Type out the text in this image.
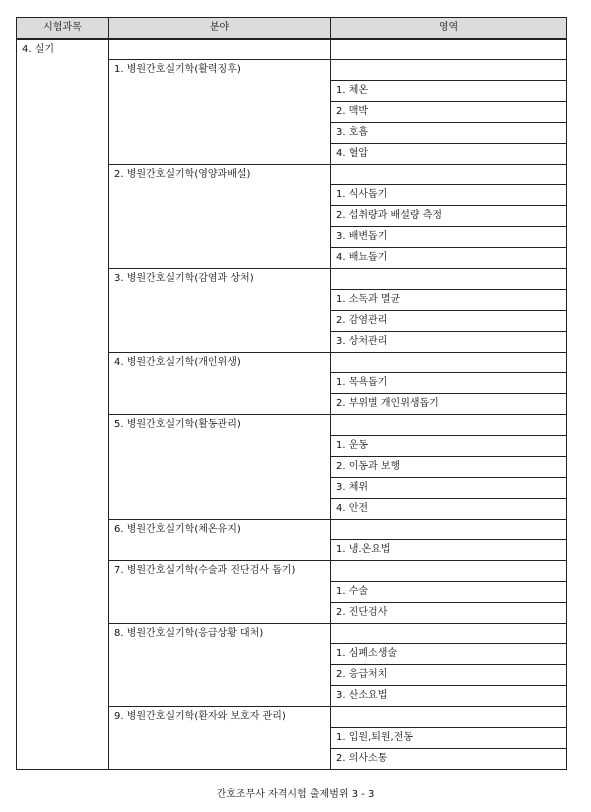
시험과목	분야	영역
4. 실기		
	1. 병원간호실기학(활력징후)	
		1. 체온
		2. 맥박
		3. 호흡
		4. 혈압
	2. 병원간호실기학(영양과배설)	
		1. 식사돕기
		2. 섭취량과 배설량 측정
		3. 배변돕기
		4. 배뇨돕기
	3. 병원간호실기학(감염과 상처)	
		1. 소독과 멸균
		2. 감염관리
		3. 상처관리
	4. 병원간호실기학(개인위생)	
		1. 목욕돕기
		2. 부위별 개인위생돕기
	5. 병원간호실기학(활동관리)	
		1. 운동
		2. 이동과 보행
		3. 체위
		4. 안전
	6. 병원간호실기학(체온유지)	
		1. 냉.온요법
	7. 병원간호실기학(수술과 진단검사 돕기)	
		1. 수술
		2. 진단검사
	8. 병원간호실기학(응급상황 대처)	
		1. 심폐소생술
		2. 응급처치
		3. 산소요법
	9. 병원간호실기학(환자와 보호자 관리)	
		1. 입원,퇴원,전동
		2. 의사소통
간호조무사 자격시험 출제범위 3 - 3
